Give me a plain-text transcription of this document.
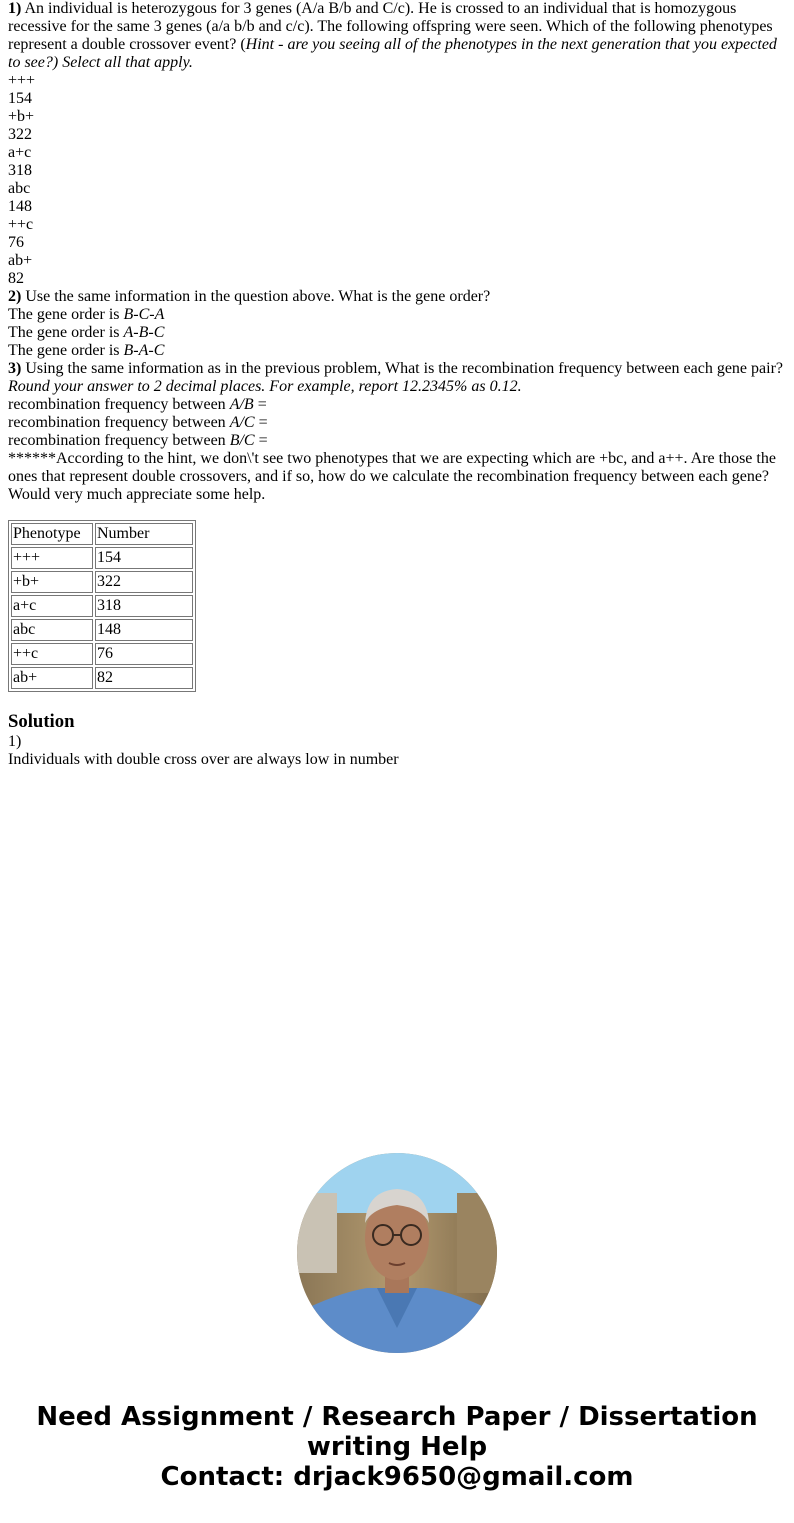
1) An individual is heterozygous for 3 genes (A/a B/b and C/c). He is crossed to an individual that is homozygous recessive for the same 3 genes (a/a b/b and c/c). The following offspring were seen. Which of the following phenotypes represent a double crossover event? (Hint - are you seeing all of the phenotypes in the next generation that you expected to see?) Select all that apply.

+++

154

+b+

322

a+c

318

abc

148

++c

76

ab+

82

2) Use the same information in the question above. What is the gene order?

The gene order is B-C-A

The gene order is A-B-C

The gene order is B-A-C

3) Using the same information as in the previous problem, What is the recombination frequency between each gene pair? Round your answer to 2 decimal places. For example, report 12.2345% as 0.12.

recombination frequency between A/B =

recombination frequency between A/C =

recombination frequency between B/C =

******According to the hint, we don\'t see two phenotypes that we are expecting which are +bc, and a++. Are those the ones that represent double crossovers, and if so, how do we calculate the recombination frequency between each gene? Would very much appreciate some help.

Phenotype	Number
+++	154
+b+	322
a+c	318
abc	148
++c	76
ab+	82
Solution

1)

Individuals with double cross over are always low in number

Need Assignment / Research Paper / Dissertation
writing Help
Contact: drjack9650@gmail.com
